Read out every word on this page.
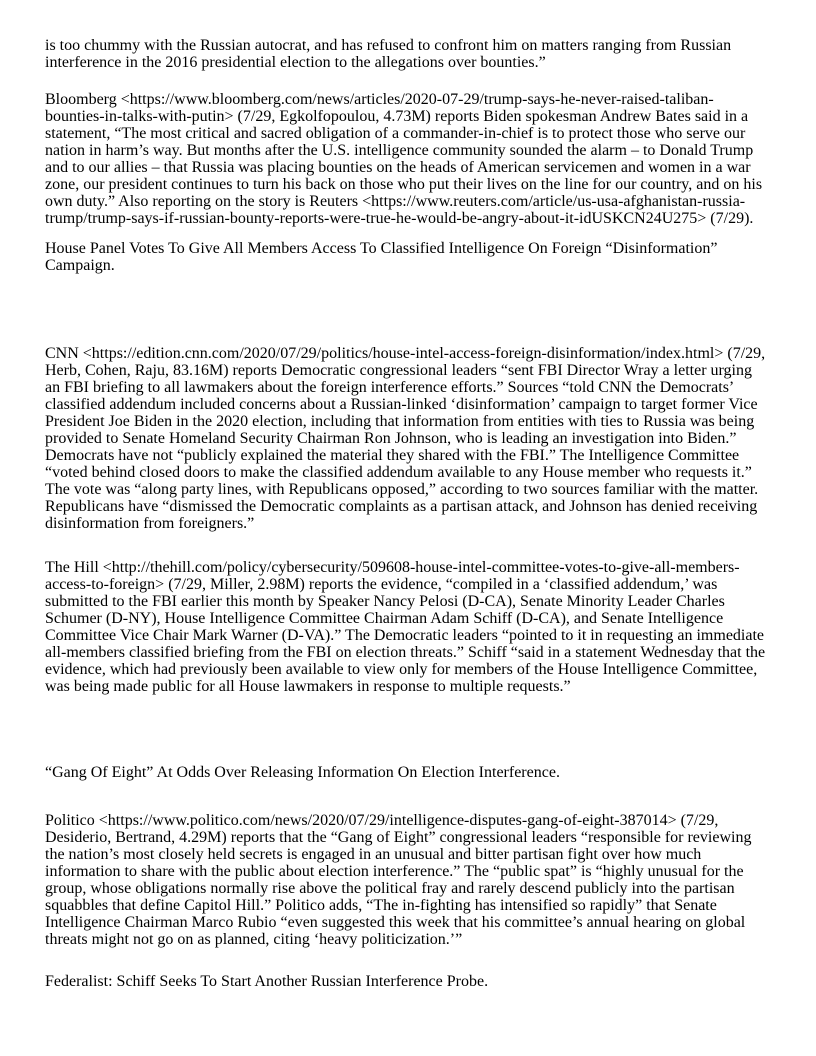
is too chummy with the Russian autocrat, and has refused to confront him on matters ranging from Russian
interference in the 2016 presidential election to the allegations over bounties.”
Bloomberg <https://www.bloomberg.com/news/articles/2020-07-29/trump-says-he-never-raised-taliban-
bounties-in-talks-with-putin> (7/29, Egkolfopoulou, 4.73M) reports Biden spokesman Andrew Bates said in a
statement, “The most critical and sacred obligation of a commander-in-chief is to protect those who serve our
nation in harm’s way. But months after the U.S. intelligence community sounded the alarm – to Donald Trump
and to our allies – that Russia was placing bounties on the heads of American servicemen and women in a war
zone, our president continues to turn his back on those who put their lives on the line for our country, and on his
own duty.” Also reporting on the story is Reuters <https://www.reuters.com/article/us-usa-afghanistan-russia-
trump/trump-says-if-russian-bounty-reports-were-true-he-would-be-angry-about-it-idUSKCN24U275> (7/29).
House Panel Votes To Give All Members Access To Classified Intelligence On Foreign “Disinformation”
Campaign.
CNN <https://edition.cnn.com/2020/07/29/politics/house-intel-access-foreign-disinformation/index.html> (7/29,
Herb, Cohen, Raju, 83.16M) reports Democratic congressional leaders “sent FBI Director Wray a letter urging
an FBI briefing to all lawmakers about the foreign interference efforts.” Sources “told CNN the Democrats’
classified addendum included concerns about a Russian-linked ‘disinformation’ campaign to target former Vice
President Joe Biden in the 2020 election, including that information from entities with ties to Russia was being
provided to Senate Homeland Security Chairman Ron Johnson, who is leading an investigation into Biden.”
Democrats have not “publicly explained the material they shared with the FBI.” The Intelligence Committee
“voted behind closed doors to make the classified addendum available to any House member who requests it.”
The vote was “along party lines, with Republicans opposed,” according to two sources familiar with the matter.
Republicans have “dismissed the Democratic complaints as a partisan attack, and Johnson has denied receiving
disinformation from foreigners.”
The Hill <http://thehill.com/policy/cybersecurity/509608-house-intel-committee-votes-to-give-all-members-
access-to-foreign> (7/29, Miller, 2.98M) reports the evidence, “compiled in a ‘classified addendum,’ was
submitted to the FBI earlier this month by Speaker Nancy Pelosi (D-CA), Senate Minority Leader Charles
Schumer (D-NY), House Intelligence Committee Chairman Adam Schiff (D-CA), and Senate Intelligence
Committee Vice Chair Mark Warner (D-VA).” The Democratic leaders “pointed to it in requesting an immediate
all-members classified briefing from the FBI on election threats.” Schiff “said in a statement Wednesday that the
evidence, which had previously been available to view only for members of the House Intelligence Committee,
was being made public for all House lawmakers in response to multiple requests.”
“Gang Of Eight” At Odds Over Releasing Information On Election Interference.
Politico <https://www.politico.com/news/2020/07/29/intelligence-disputes-gang-of-eight-387014> (7/29,
Desiderio, Bertrand, 4.29M) reports that the “Gang of Eight” congressional leaders “responsible for reviewing
the nation’s most closely held secrets is engaged in an unusual and bitter partisan fight over how much
information to share with the public about election interference.” The “public spat” is “highly unusual for the
group, whose obligations normally rise above the political fray and rarely descend publicly into the partisan
squabbles that define Capitol Hill.” Politico adds, “The in-fighting has intensified so rapidly” that Senate
Intelligence Chairman Marco Rubio “even suggested this week that his committee’s annual hearing on global
threats might not go on as planned, citing ‘heavy politicization.’”
Federalist: Schiff Seeks To Start Another Russian Interference Probe.
